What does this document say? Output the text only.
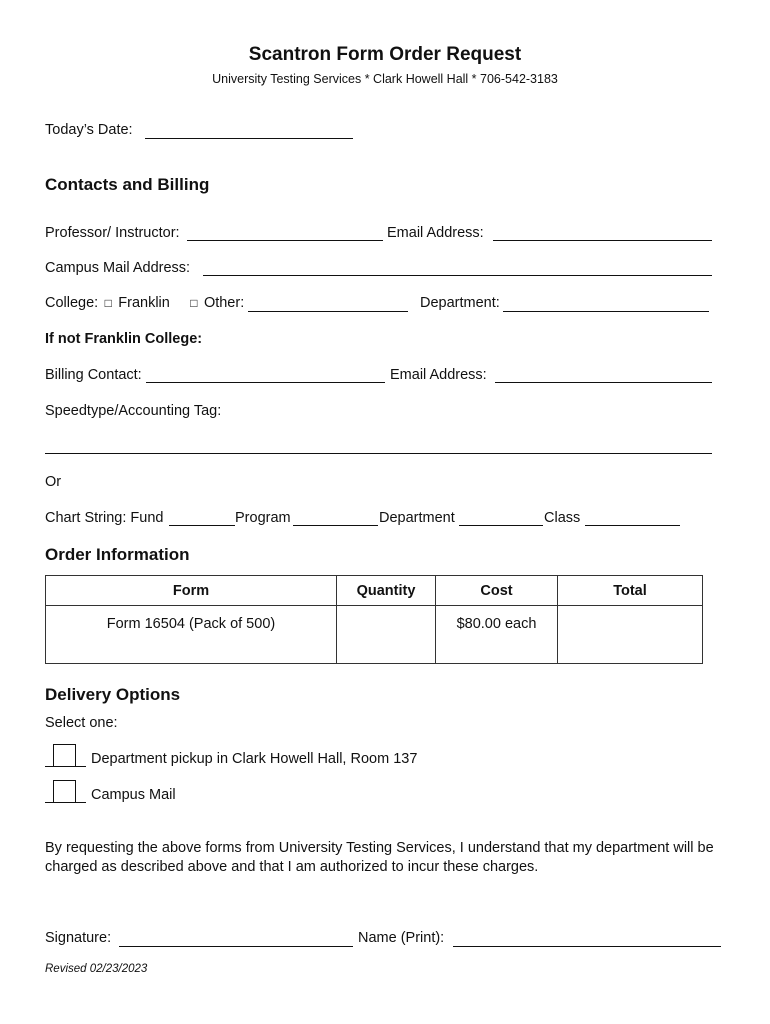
Scantron Form Order Request
University Testing Services * Clark Howell Hall * 706-542-3183
Today’s Date:
Contacts and Billing
Professor/ Instructor:	Email Address:
Campus Mail Address:
College: □ Franklin □ Other:	Department:
If not Franklin College:
Billing Contact:	Email Address:
Speedtype/Accounting Tag:
Or
Chart String: Fund	Program	Department	Class
Order Information
Form	Quantity	Cost	Total
Form 16504 (Pack of 500)		$80.00 each	
Delivery Options
Select one:
Department pickup in Clark Howell Hall, Room 137
Campus Mail
By requesting the above forms from University Testing Services, I understand that my department will be charged as described above and that I am authorized to incur these charges.
Signature:	Name (Print):
Revised 02/23/2023
